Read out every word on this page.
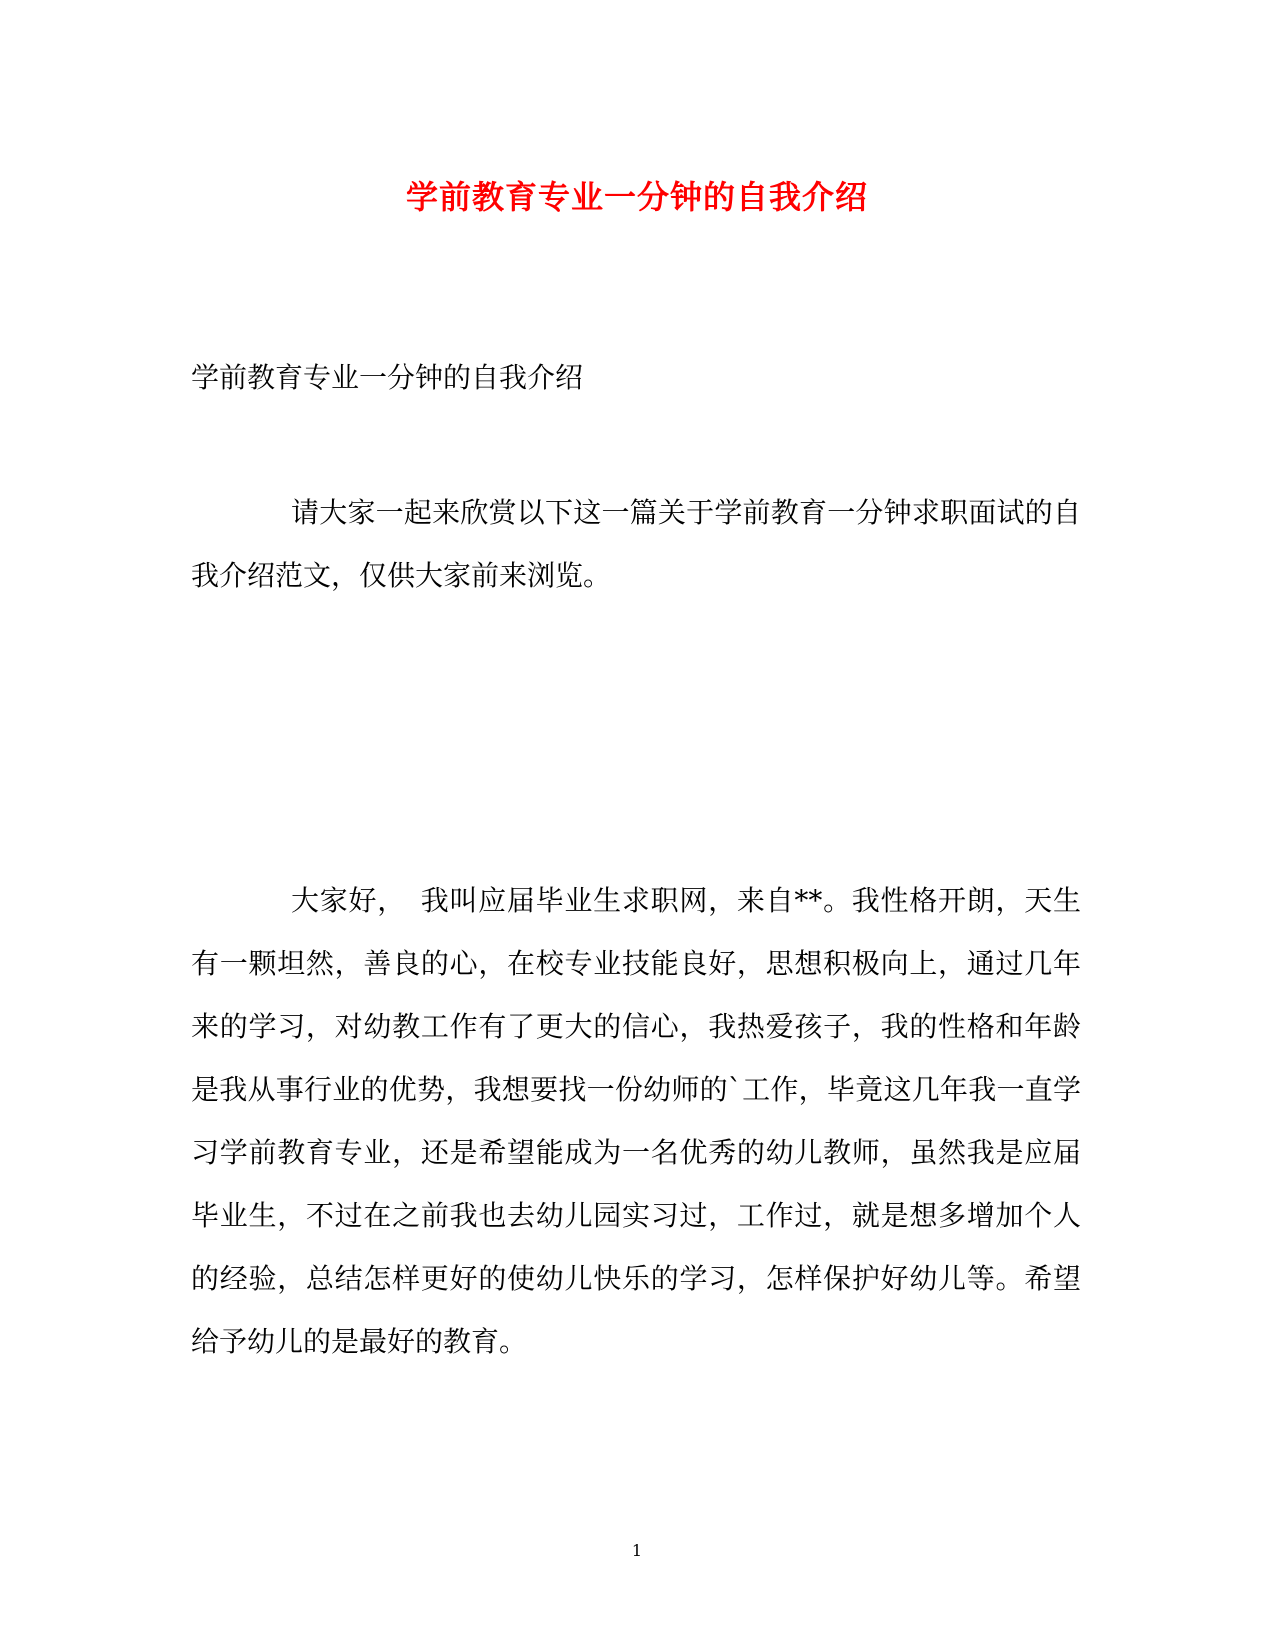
学前教育专业一分钟的自我介绍

学前教育专业一分钟的自我介绍

请大家一起来欣赏以下这一篇关于学前教育一分钟求职面试的自我介绍范文，仅供大家前来浏览。

大家好，　我叫应届毕业生求职网，来自**。我性格开朗，天生有一颗坦然，善良的心，在校专业技能良好，思想积极向上，通过几年来的学习，对幼教工作有了更大的信心，我热爱孩子，我的性格和年龄是我从事行业的优势，我想要找一份幼师的`工作，毕竟这几年我一直学习学前教育专业，还是希望能成为一名优秀的幼儿教师，虽然我是应届毕业生，不过在之前我也去幼儿园实习过，工作过，就是想多增加个人的经验，总结怎样更好的使幼儿快乐的学习，怎样保护好幼儿等。希望给予幼儿的是最好的教育。

1
